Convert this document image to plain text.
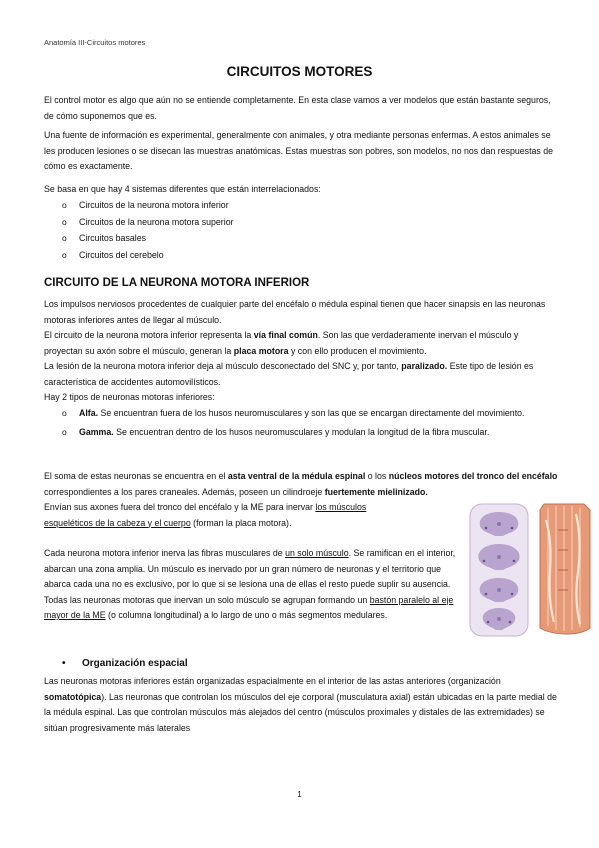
Anatomía III-Circuitos motores
CIRCUITOS MOTORES

El control motor es algo que aún no se entiende completamente. En esta clase vamos a ver modelos que están bastante seguros, de cómo suponemos que es.

Una fuente de información es experimental, generalmente con animales, y otra mediante personas enfermas. A estos animales se les producen lesiones o se disecan las muestras anatómicas. Estas muestras son pobres, son modelos, no nos dan respuestas de cómo es exactamente.

Se basa en que hay 4 sistemas diferentes que están interrelacionados:

o Circuitos de la neurona motora inferior
o Circuitos de la neurona motora superior
o Circuitos basales
o Circuitos del cerebelo
CIRCUITO DE LA NEURONA MOTORA INFERIOR

Los impulsos nerviosos procedentes de cualquier parte del encéfalo o médula espinal tienen que hacer sinapsis en las neuronas motoras inferiores antes de llegar al músculo.

El circuito de la neurona motora inferior representa la vía final común. Son las que verdaderamente inervan el músculo y proyectan su axón sobre el músculo, generan la placa motora y con ello producen el movimiento.

La lesión de la neurona motora inferior deja al músculo desconectado del SNC y, por tanto, paralizado. Este tipo de lesión es característica de accidentes automovilísticos.

Hay 2 tipos de neuronas motoras inferiores:

o Alfa. Se encuentran fuera de los husos neuromusculares y son las que se encargan directamente del movimiento.
o Gamma. Se encuentran dentro de los husos neuromusculares y modulan la longitud de la fibra muscular.

El soma de estas neuronas se encuentra en el asta ventral de la médula espinal o los núcleos motores del tronco del encéfalo correspondientes a los pares craneales. Además, poseen un cilindroeje fuertemente mielinizado.

Envían sus axones fuera del tronco del encéfalo y la ME para inervar los músculos
esqueléticos de la cabeza y el cuerpo (forman la placa motora).

Cada neurona motora inferior inerva las fibras musculares de un solo músculo. Se ramifican en el interior, abarcan una zona amplia. Un músculo es inervado por un gran número de neuronas y el territorio que abarca cada una no es exclusivo, por lo que si se lesiona una de ellas el resto puede suplir su ausencia. Todas las neuronas motoras que inervan un solo músculo se agrupan formando un bastón paralelo al eje mayor de la ME (o columna longitudinal) a lo largo de uno o más segmentos medulares.

• Organización espacial

Las neuronas motoras inferiores están organizadas espacialmente en el interior de las astas anteriores (organización somatotópica). Las neuronas que controlan los músculos del eje corporal (musculatura axial) están ubicadas en la parte medial de la médula espinal. Las que controlan músculos más alejados del centro (músculos proximales y distales de las extremidades) se sitúan progresivamente más laterales

1
